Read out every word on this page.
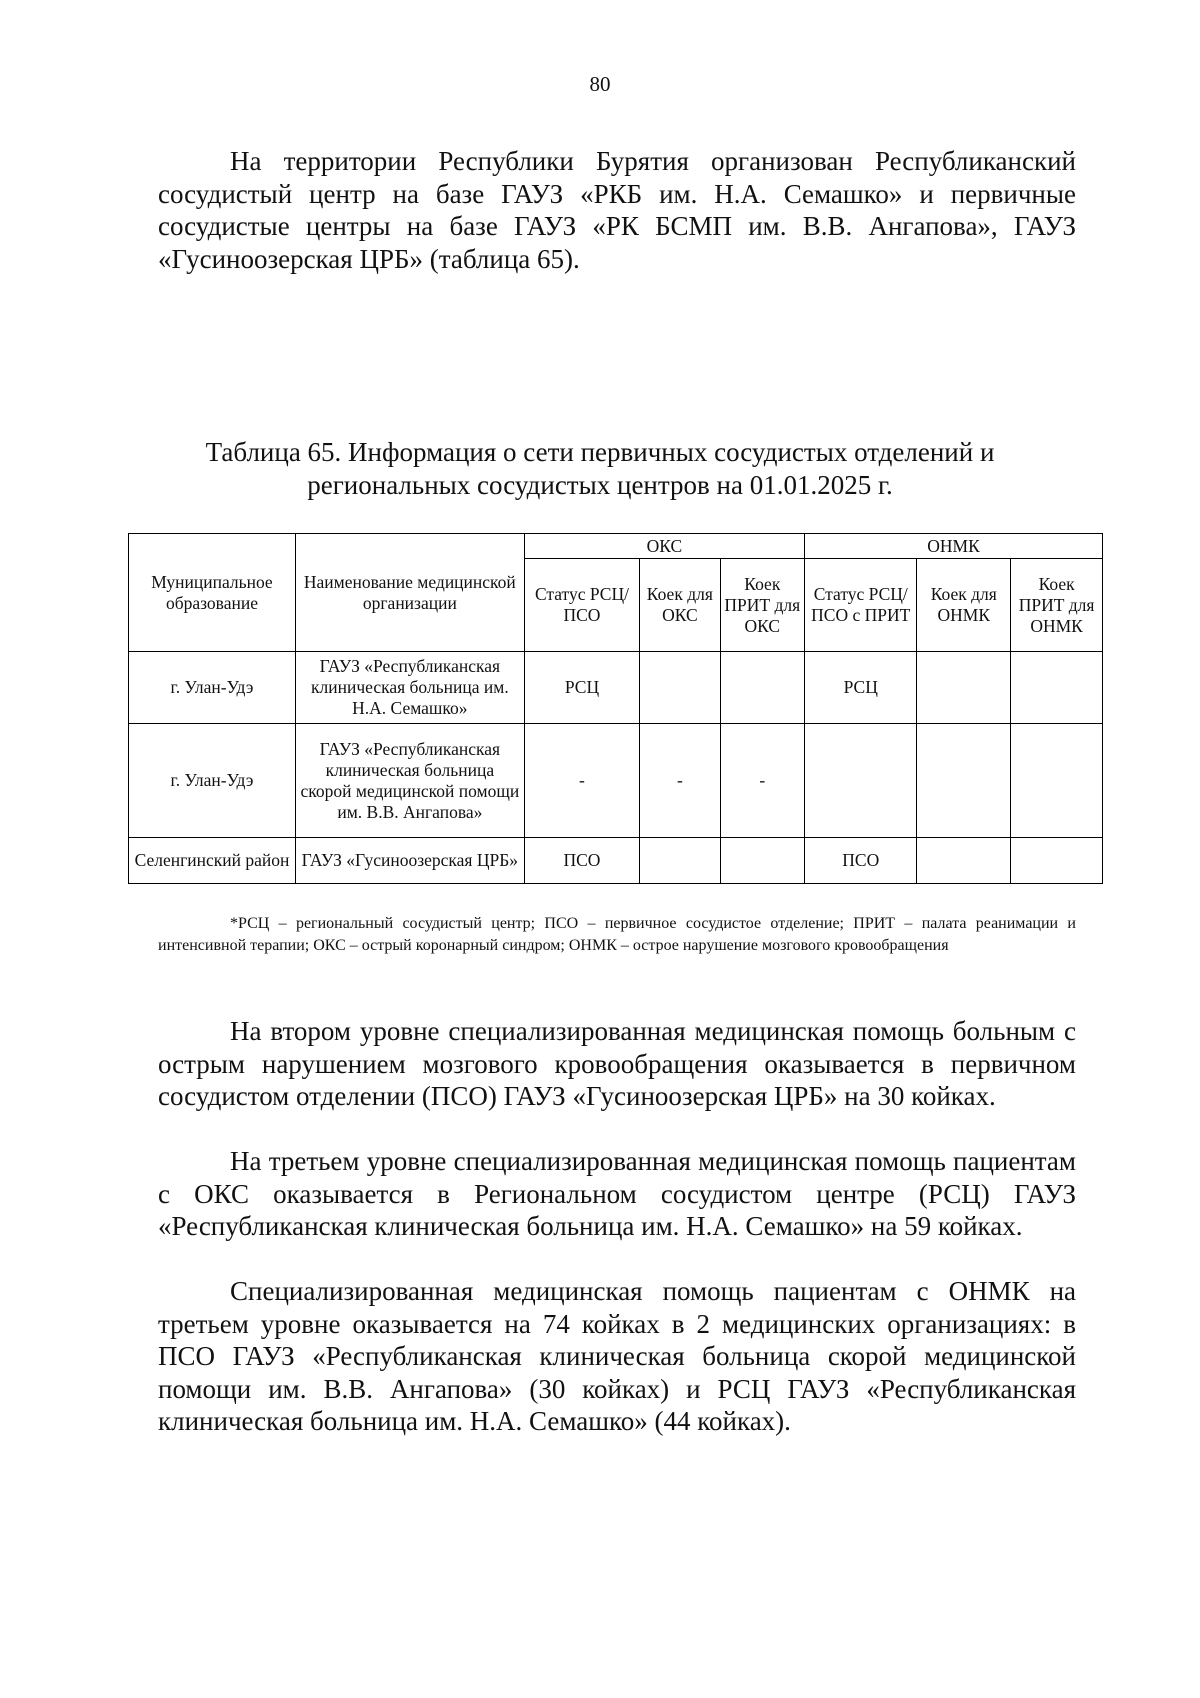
80

На территории Республики Бурятия организован Республиканский сосудистый центр на базе ГАУЗ «РКБ им. Н.А. Семашко» и первичные сосудистые центры на базе ГАУЗ «РК БСМП им. В.В. Ангапова», ГАУЗ «Гусиноозерская ЦРБ» (таблица 65).

Таблица 65. Информация о сети первичных сосудистых отделений и региональных сосудистых центров на 01.01.2025 г.

Муниципальное образование	Наименование медицинской организации	ОКС			ОНМК		
		Статус РСЦ/ПСО	Коек для ОКС	Коек ПРИТ для ОКС	Статус РСЦ/ПСО с ПРИТ	Коек для ОНМК	Коек ПРИТ для ОНМК
г. Улан-Удэ	ГАУЗ «Республиканская клиническая больница им. Н.А. Семашко»	РСЦ			РСЦ		
г. Улан-Удэ	ГАУЗ «Республиканская клиническая больница скорой медицинской помощи им. В.В. Ангапова»	-	-	-			
Селенгинский район	ГАУЗ «Гусиноозерская ЦРБ»	ПСО			ПСО		

*РСЦ – региональный сосудистый центр; ПСО – первичное сосудистое отделение; ПРИТ – палата реанимации и интенсивной терапии; ОКС – острый коронарный синдром; ОНМК – острое нарушение мозгового кровообращения

На втором уровне специализированная медицинская помощь больным с острым нарушением мозгового кровообращения оказывается в первичном сосудистом отделении (ПСО) ГАУЗ «Гусиноозерская ЦРБ» на 30 койках.

На третьем уровне специализированная медицинская помощь пациентам с ОКС оказывается в Региональном сосудистом центре (РСЦ) ГАУЗ «Республиканская клиническая больница им. Н.А. Семашко» на 59 койках.

Специализированная медицинская помощь пациентам с ОНМК на третьем уровне оказывается на 74 койках в 2 медицинских организациях: в ПСО ГАУЗ «Республиканская клиническая больница скорой медицинской помощи им. В.В. Ангапова» (30 койках) и РСЦ ГАУЗ «Республиканская клиническая больница им. Н.А. Семашко» (44 койках).
